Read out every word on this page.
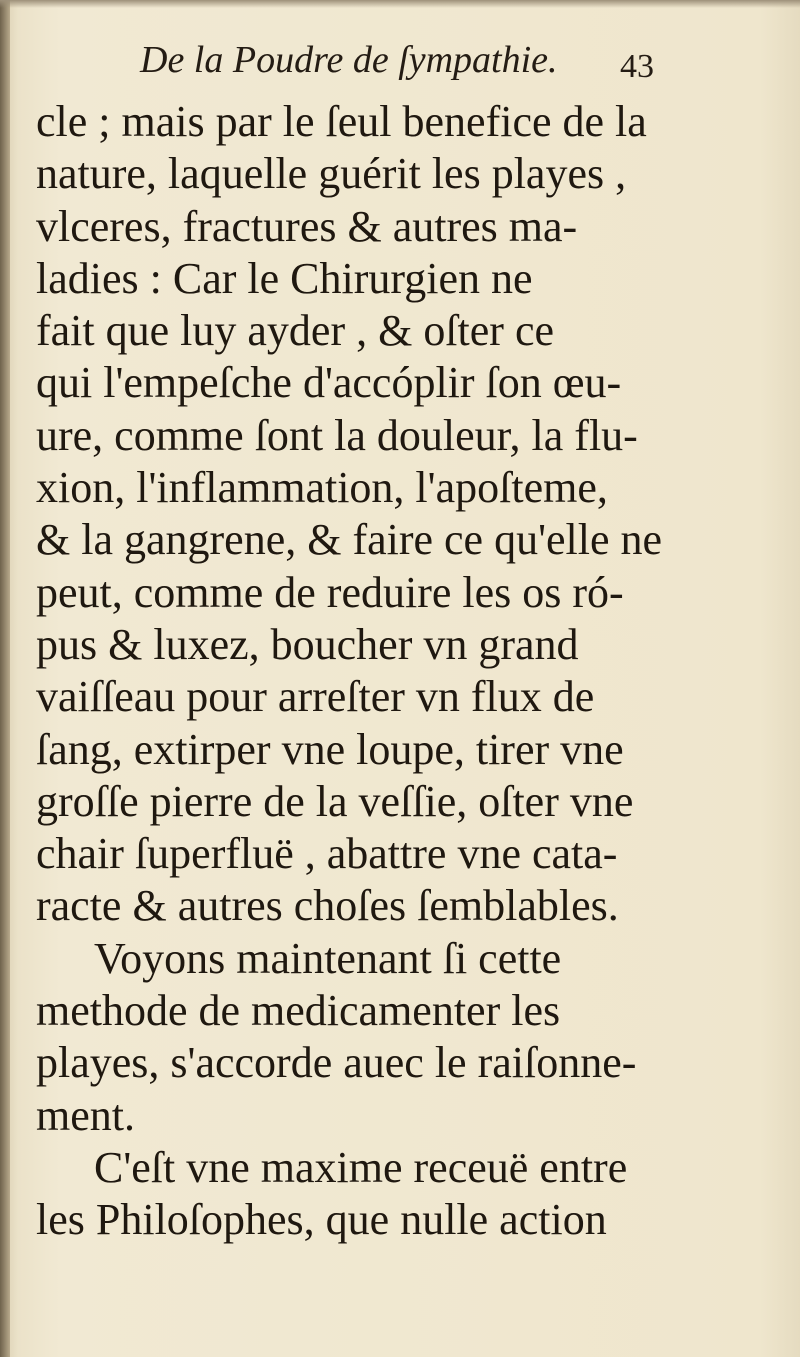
De la Poudre de ſympathie. 43
cle ; mais par le ſeul benefice de la
nature, laquelle guérit les playes ,
vlceres, fractures & autres ma-
ladies : Car le Chirurgien ne
fait que luy ayder , & oſter ce
qui l'empeſche d'accóplir ſon œu-
ure, comme ſont la douleur, la flu-
xion, l'inflammation, l'apoſteme,
& la gangrene, & faire ce qu'elle ne
peut, comme de reduire les os ró-
pus & luxez, boucher vn grand
vaiſſeau pour arreſter vn flux de
ſang, extirper vne loupe, tirer vne
groſſe pierre de la veſſie, oſter vne
chair ſuperfluë , abattre vne cata-
racte & autres choſes ſemblables.
Voyons maintenant ſi cette
methode de medicamenter les
playes, s'accorde auec le raiſonne-
ment.
C'eſt vne maxime receuë entre
les Philoſophes, que nulle action
